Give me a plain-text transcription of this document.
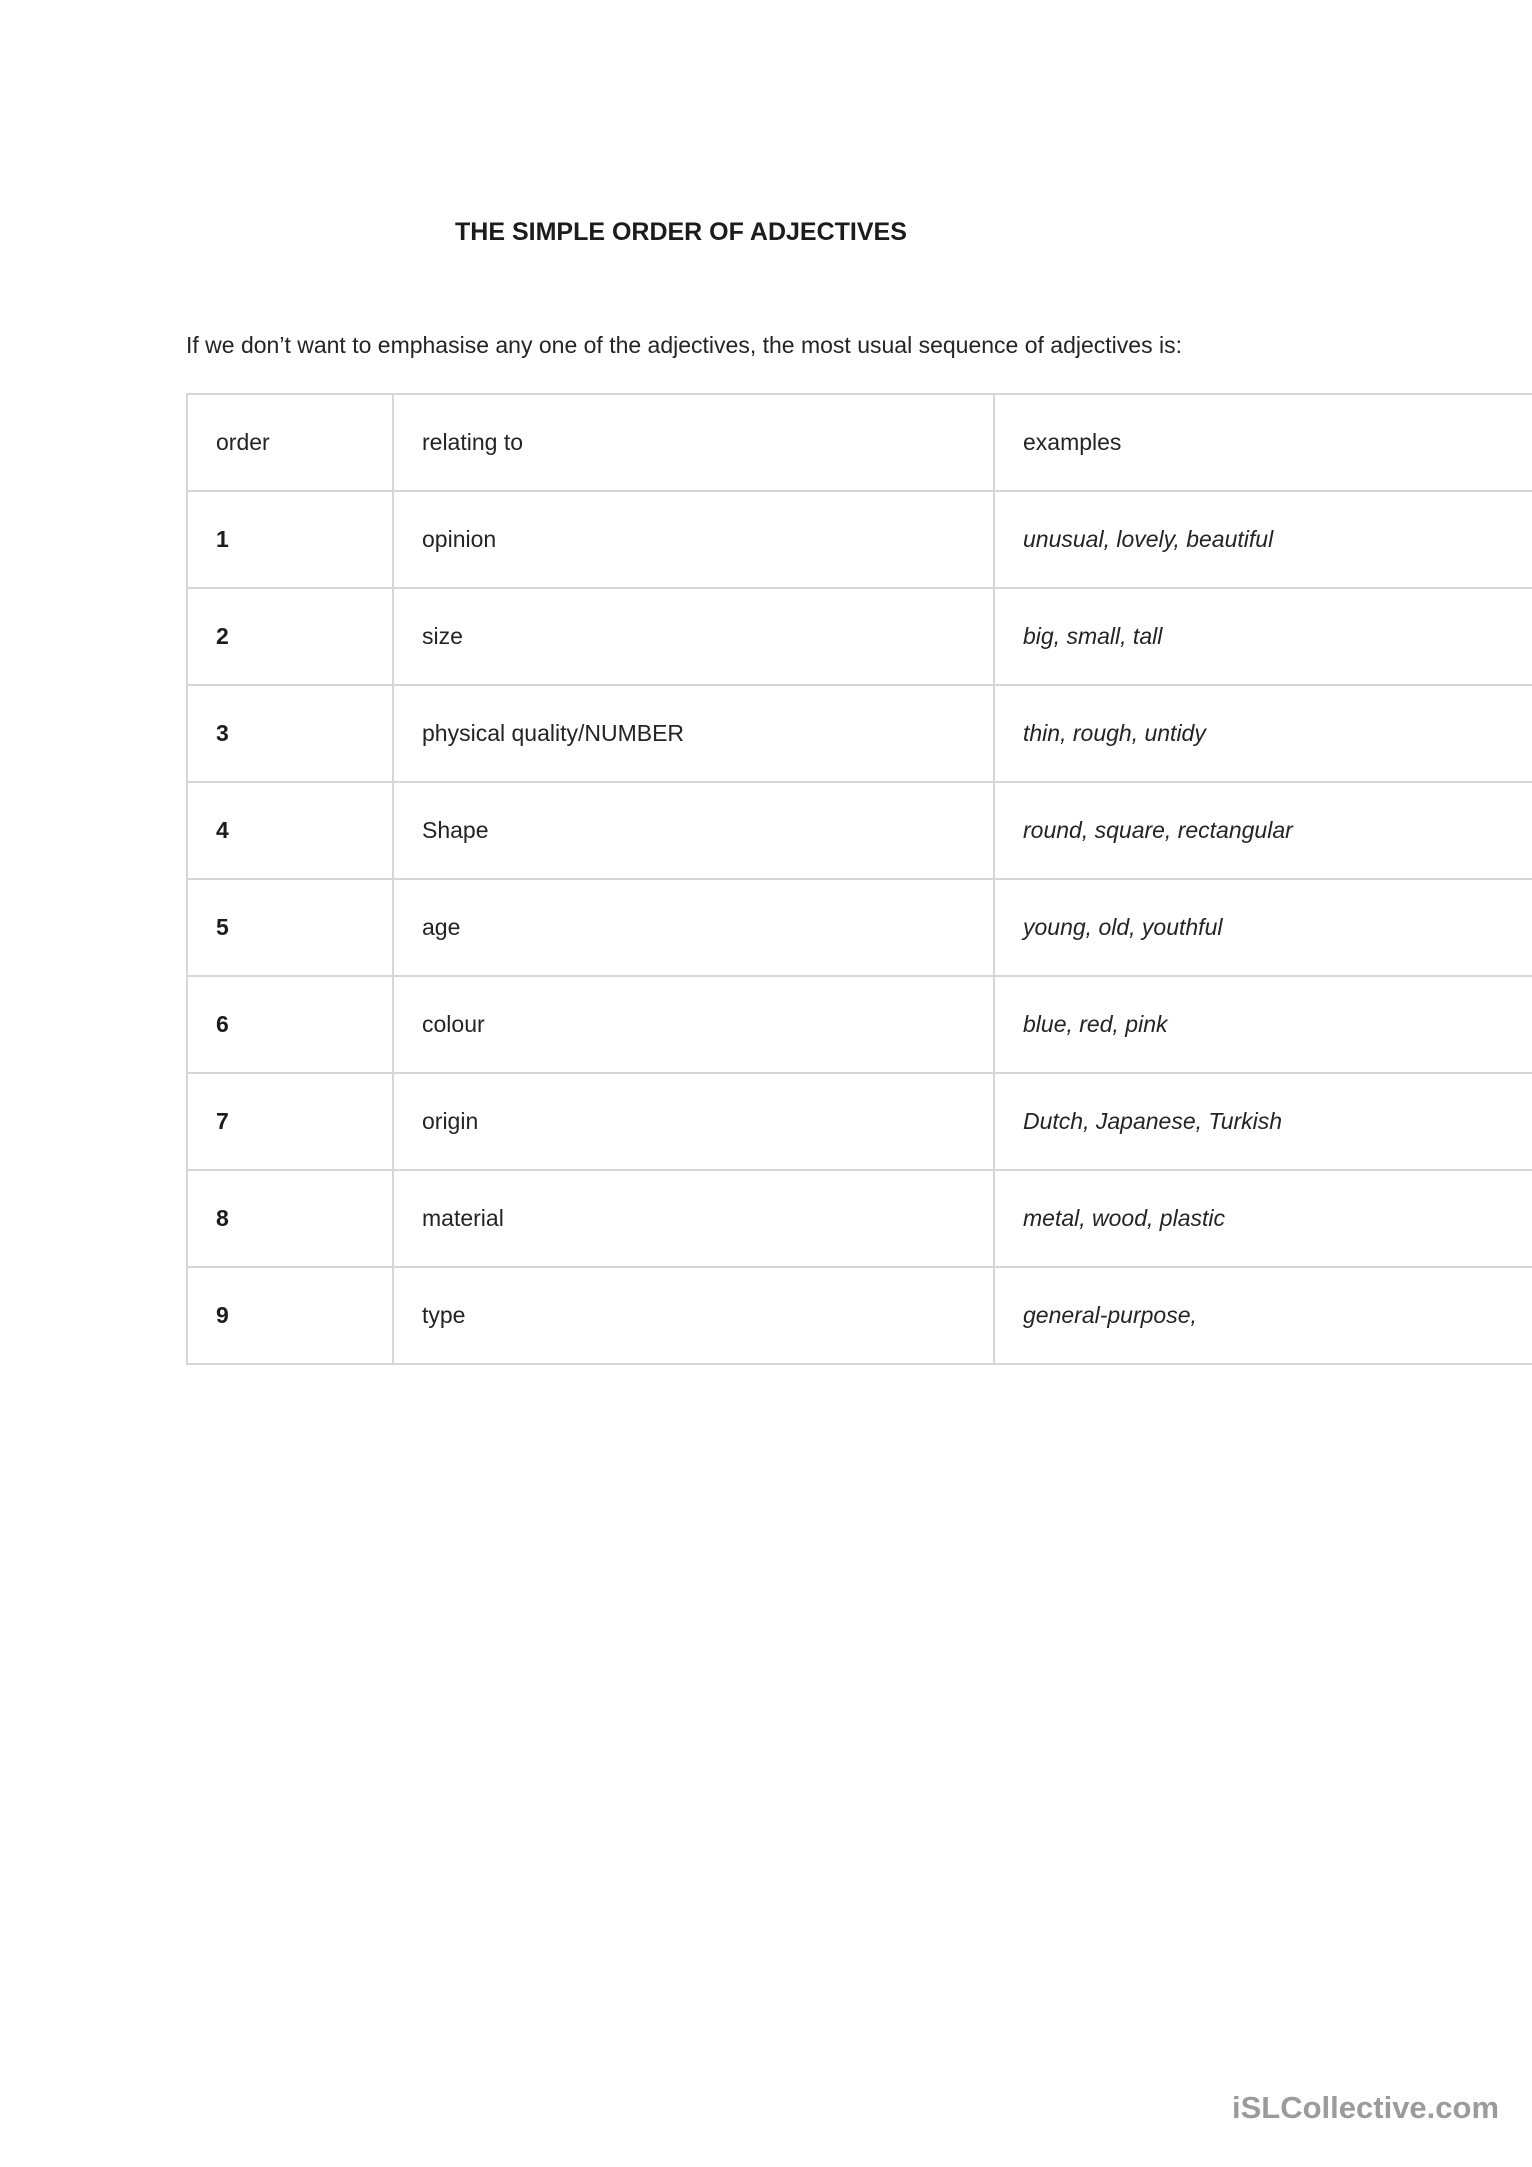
THE SIMPLE ORDER OF ADJECTIVES

If we don’t want to emphasise any one of the adjectives, the most usual sequence of adjectives is:

order	relating to	examples
1	opinion	unusual, lovely, beautiful
2	size	big, small, tall
3	physical quality/NUMBER	thin, rough, untidy
4	Shape	round, square, rectangular
5	age	young, old, youthful
6	colour	blue, red, pink
7	origin	Dutch, Japanese, Turkish
8	material	metal, wood, plastic
9	type	general-purpose,
iSLCollective.com
